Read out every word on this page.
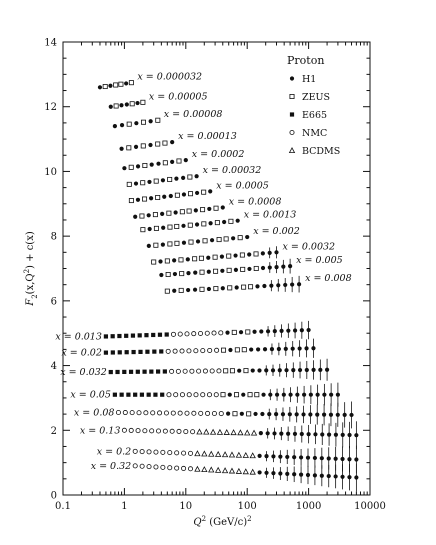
0.1	1	10	100	1000	10000
0
2
4
6
8
10
12
14
x = 0.000032
x = 0.00005
x = 0.00008
x = 0.00013
x = 0.0002
x = 0.00032
x = 0.0005
x = 0.0008
x = 0.0013
x = 0.002
x = 0.0032
x = 0.005
x = 0.008
x = 0.013
x = 0.02
x = 0.032
x = 0.05
x = 0.08
x = 0.13
x = 0.2
x = 0.32
Proton
H1
ZEUS
E665
NMC
BCDMS
$Q^2$ $(GeV/c)^2$
$F_2(x,Q^2) + c(x)$
